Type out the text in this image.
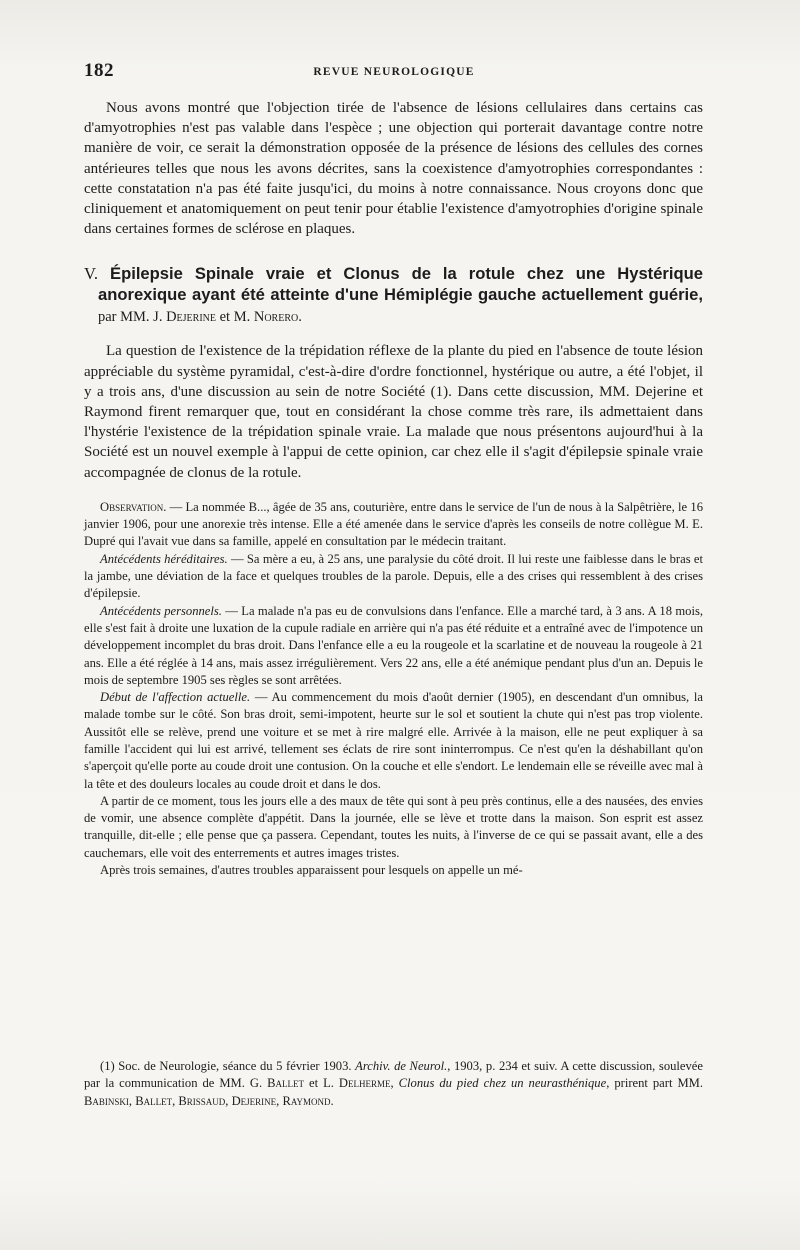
182	REVUE NEUROLOGIQUE

Nous avons montré que l'objection tirée de l'absence de lésions cellulaires dans certains cas d'amyotrophies n'est pas valable dans l'espèce ; une objection qui porterait davantage contre notre manière de voir, ce serait la démonstration opposée de la présence de lésions des cellules des cornes antérieures telles que nous les avons décrites, sans la coexistence d'amyotrophies correspondantes : cette constatation n'a pas été faite jusqu'ici, du moins à notre connaissance. Nous croyons donc que cliniquement et anatomiquement on peut tenir pour établie l'existence d'amyotrophies d'origine spinale dans certaines formes de sclérose en plaques.

V. Épilepsie Spinale vraie et Clonus de la rotule chez une Hystérique anorexique ayant été atteinte d'une Hémiplégie gauche actuellement guérie, par MM. J. Dejerine et M. Norero.

La question de l'existence de la trépidation réflexe de la plante du pied en l'absence de toute lésion appréciable du système pyramidal, c'est-à-dire d'ordre fonctionnel, hystérique ou autre, a été l'objet, il y a trois ans, d'une discussion au sein de notre Société (1). Dans cette discussion, MM. Dejerine et Raymond firent remarquer que, tout en considérant la chose comme très rare, ils admettaient dans l'hystérie l'existence de la trépidation spinale vraie. La malade que nous présentons aujourd'hui à la Société est un nouvel exemple à l'appui de cette opinion, car chez elle il s'agit d'épilepsie spinale vraie accompagnée de clonus de la rotule.

Observation. — La nommée B..., âgée de 35 ans, couturière, entre dans le service de l'un de nous à la Salpêtrière, le 16 janvier 1906, pour une anorexie très intense. Elle a été amenée dans le service d'après les conseils de notre collègue M. E. Dupré qui l'avait vue dans sa famille, appelé en consultation par le médecin traitant.

Antécédents héréditaires. — Sa mère a eu, à 25 ans, une paralysie du côté droit. Il lui reste une faiblesse dans le bras et la jambe, une déviation de la face et quelques troubles de la parole. Depuis, elle a des crises qui ressemblent à des crises d'épilepsie.

Antécédents personnels. — La malade n'a pas eu de convulsions dans l'enfance. Elle a marché tard, à 3 ans. A 18 mois, elle s'est fait à droite une luxation de la cupule radiale en arrière qui n'a pas été réduite et a entraîné avec de l'impotence un développement incomplet du bras droit. Dans l'enfance elle a eu la rougeole et la scarlatine et de nouveau la rougeole à 21 ans. Elle a été réglée à 14 ans, mais assez irrégulièrement. Vers 22 ans, elle a été anémique pendant plus d'un an. Depuis le mois de septembre 1905 ses règles se sont arrêtées.

Début de l'affection actuelle. — Au commencement du mois d'août dernier (1905), en descendant d'un omnibus, la malade tombe sur le côté. Son bras droit, semi-impotent, heurte sur le sol et soutient la chute qui n'est pas trop violente. Aussitôt elle se relève, prend une voiture et se met à rire malgré elle. Arrivée à la maison, elle ne peut expliquer à sa famille l'accident qui lui est arrivé, tellement ses éclats de rire sont ininterrompus. Ce n'est qu'en la déshabillant qu'on s'aperçoit qu'elle porte au coude droit une contusion. On la couche et elle s'endort. Le lendemain elle se réveille avec mal à la tête et des douleurs locales au coude droit et dans le dos.

A partir de ce moment, tous les jours elle a des maux de tête qui sont à peu près continus, elle a des nausées, des envies de vomir, une absence complète d'appétit. Dans la journée, elle se lève et trotte dans la maison. Son esprit est assez tranquille, dit-elle ; elle pense que ça passera. Cependant, toutes les nuits, à l'inverse de ce qui se passait avant, elle a des cauchemars, elle voit des enterrements et autres images tristes.

Après trois semaines, d'autres troubles apparaissent pour lesquels on appelle un mé-

(1) Soc. de Neurologie, séance du 5 février 1903. Archiv. de Neurol., 1903, p. 234 et suiv. A cette discussion, soulevée par la communication de MM. G. Ballet et L. Delherme, Clonus du pied chez un neurasthénique, prirent part MM. Babinski, Ballet, Brissaud, Dejerine, Raymond.
